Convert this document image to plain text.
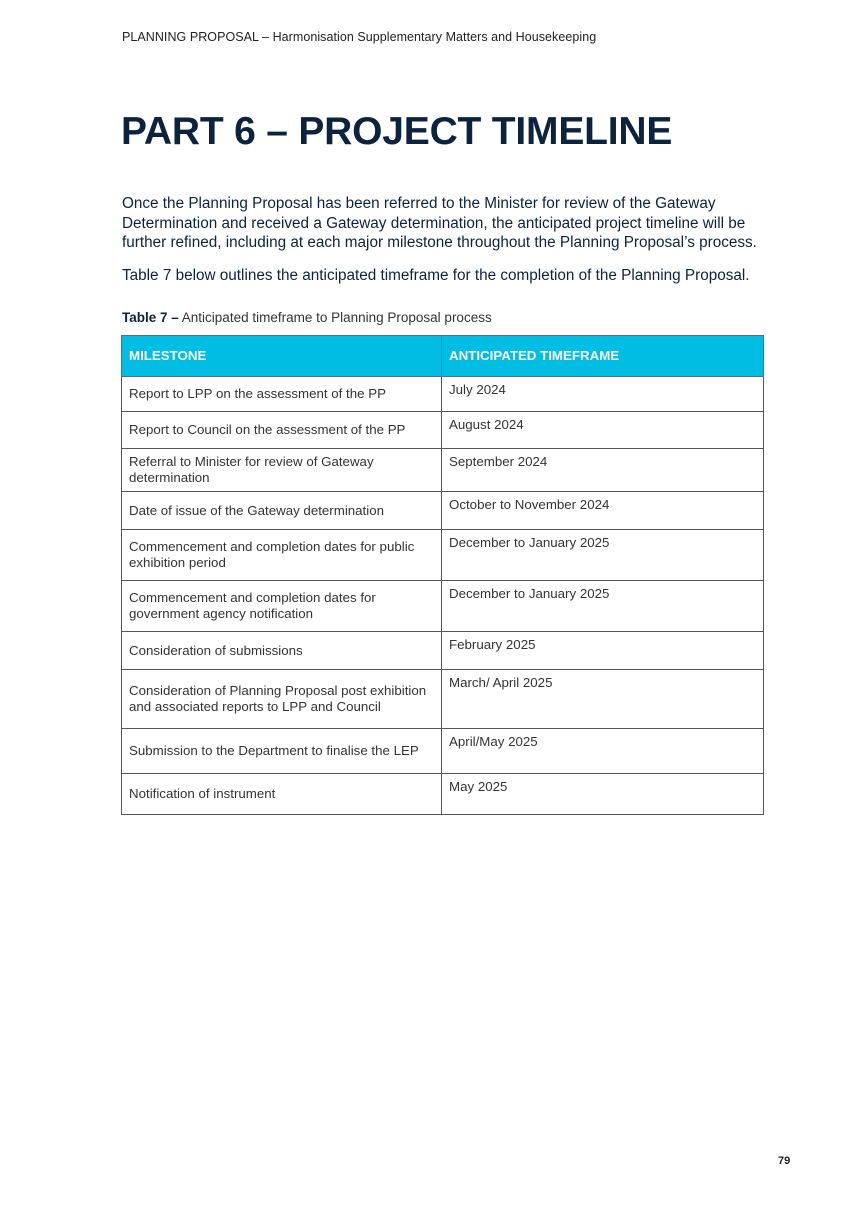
PLANNING PROPOSAL – Harmonisation Supplementary Matters and Housekeeping
PART 6 – PROJECT TIMELINE

Once the Planning Proposal has been referred to the Minister for review of the Gateway Determination and received a Gateway determination, the anticipated project timeline will be further refined, including at each major milestone throughout the Planning Proposal’s process.

Table 7 below outlines the anticipated timeframe for the completion of the Planning Proposal.

Table 7 – Anticipated timeframe to Planning Proposal process
MILESTONE	ANTICIPATED TIMEFRAME
Report to LPP on the assessment of the PP	July 2024
Report to Council on the assessment of the PP	August 2024
Referral to Minister for review of Gateway determination	September 2024
Date of issue of the Gateway determination	October to November 2024
Commencement and completion dates for public exhibition period	December to January 2025
Commencement and completion dates for government agency notification	December to January 2025
Consideration of submissions	February 2025
Consideration of Planning Proposal post exhibition and associated reports to LPP and Council	March/ April 2025
Submission to the Department to finalise the LEP	April/May 2025
Notification of instrument	May 2025
79
